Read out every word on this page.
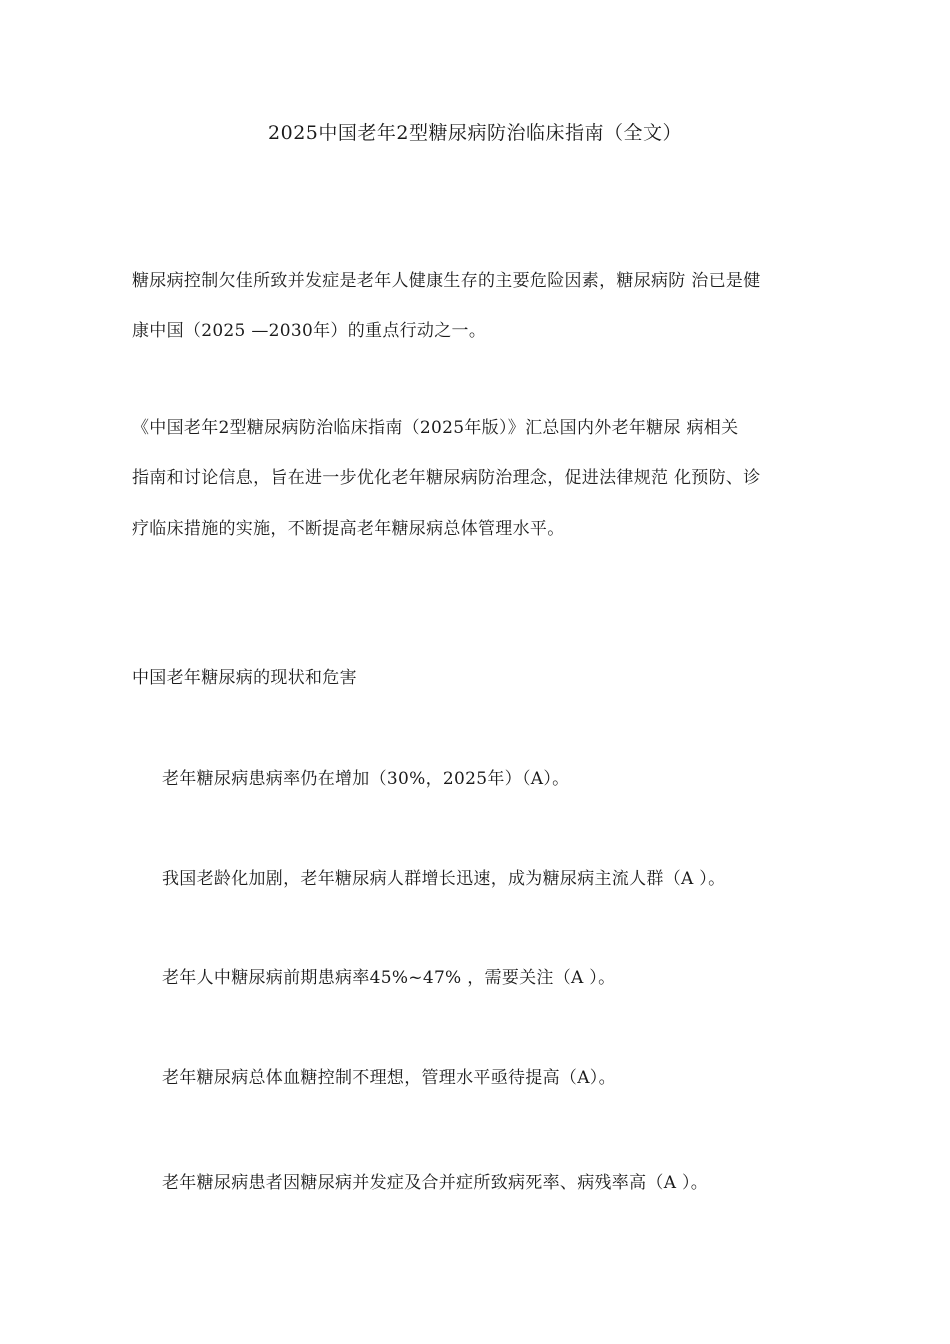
2025中国老年2型糖尿病防治临床指南（全文）
糖尿病控制欠佳所致并发症是老年人健康生存的主要危险因素，糖尿病防 治已是健
康中国（2025 —2030年）的重点行动之一。
《中国老年2型糖尿病防治临床指南（2025年版）》汇总国内外老年糖尿 病相关
指南和讨论信息，旨在进一步优化老年糖尿病防治理念，促进法律规范 化预防、诊
疗临床措施的实施，不断提高老年糖尿病总体管理水平。
中国老年糖尿病的现状和危害
老年糖尿病患病率仍在增加（30%，2025年）（A）。
我国老龄化加剧，老年糖尿病人群增长迅速，成为糖尿病主流人群（A ）。
老年人中糖尿病前期患病率45%~47% ，需要关注（A ）。
老年糖尿病总体血糖控制不理想，管理水平亟待提高（A）。
老年糖尿病患者因糖尿病并发症及合并症所致病死率、病残率高（A ）。
